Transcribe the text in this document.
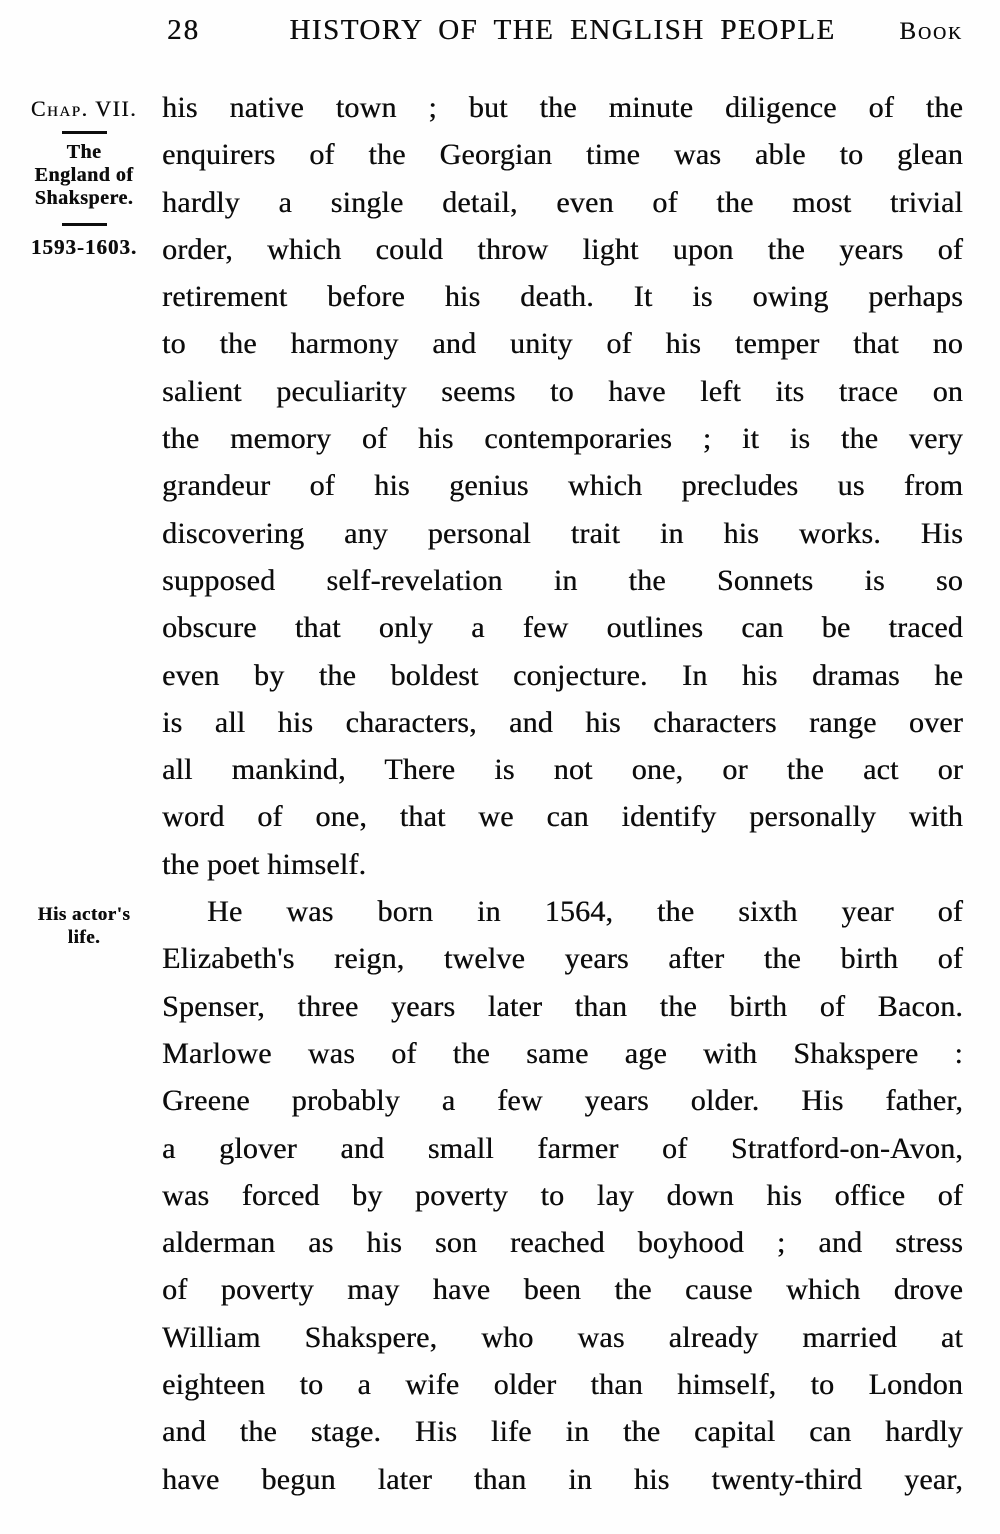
28	HISTORY OF THE ENGLISH PEOPLE	Book
Chap. VII.
The
England of
Shakspere.
1593-1603.
His actor's
life.
his native town ; but the minute diligence of the
enquirers of the Georgian time was able to glean
hardly a single detail, even of the most trivial
order, which could throw light upon the years of
retirement before his death. It is owing perhaps
to the harmony and unity of his temper that no
salient peculiarity seems to have left its trace on
the memory of his contemporaries ; it is the very
grandeur of his genius which precludes us from
discovering any personal trait in his works. His
supposed self-revelation in the Sonnets is so
obscure that only a few outlines can be traced
even by the boldest conjecture. In his dramas he
is all his characters, and his characters range over
all mankind, There is not one, or the act or
word of one, that we can identify personally with
the poet himself.
He was born in 1564, the sixth year of
Elizabeth's reign, twelve years after the birth of
Spenser, three years later than the birth of Bacon.
Marlowe was of the same age with Shakspere :
Greene probably a few years older. His father,
a glover and small farmer of Stratford-on-Avon,
was forced by poverty to lay down his office of
alderman as his son reached boyhood ; and stress
of poverty may have been the cause which drove
William Shakspere, who was already married at
eighteen to a wife older than himself, to London
and the stage. His life in the capital can hardly
have begun later than in his twenty-third year,
